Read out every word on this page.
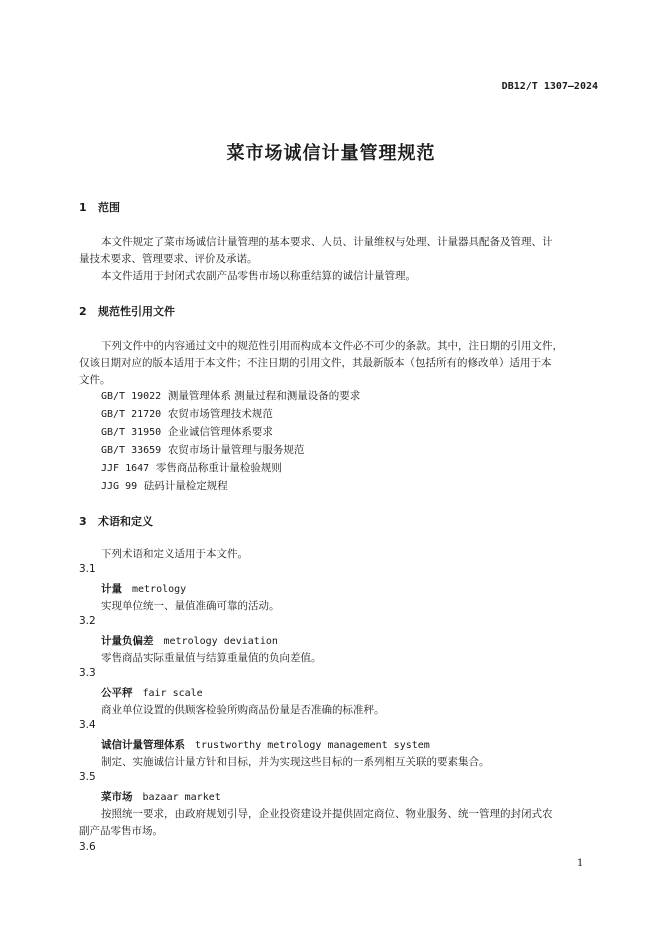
DB12/T 1307—2024
菜市场诚信计量管理规范
1 范围
本文件规定了菜市场诚信计量管理的基本要求、人员、计量维权与处理、计量器具配备及管理、计
量技术要求、管理要求、评价及承诺。
本文件适用于封闭式农副产品零售市场以称重结算的诚信计量管理。
2 规范性引用文件
下列文件中的内容通过文中的规范性引用而构成本文件必不可少的条款。其中，注日期的引用文件，
仅该日期对应的版本适用于本文件；不注日期的引用文件，其最新版本（包括所有的修改单）适用于本
文件。
GB/T 19022 测量管理体系 测量过程和测量设备的要求
GB/T 21720 农贸市场管理技术规范
GB/T 31950 企业诚信管理体系要求
GB/T 33659 农贸市场计量管理与服务规范
JJF 1647 零售商品称重计量检验规则
JJG 99 砝码计量检定规程
3 术语和定义
下列术语和定义适用于本文件。
3.1
计量 metrology
实现单位统一、量值准确可靠的活动。
3.2
计量负偏差 metrology deviation
零售商品实际重量值与结算重量值的负向差值。
3.3
公平秤 fair scale
商业单位设置的供顾客检验所购商品份量是否准确的标准秤。
3.4
诚信计量管理体系 trustworthy metrology management system
制定、实施诚信计量方针和目标，并为实现这些目标的一系列相互关联的要素集合。
3.5
菜市场 bazaar market
按照统一要求，由政府规划引导，企业投资建设并提供固定商位、物业服务、统一管理的封闭式农
副产品零售市场。
3.6
1
